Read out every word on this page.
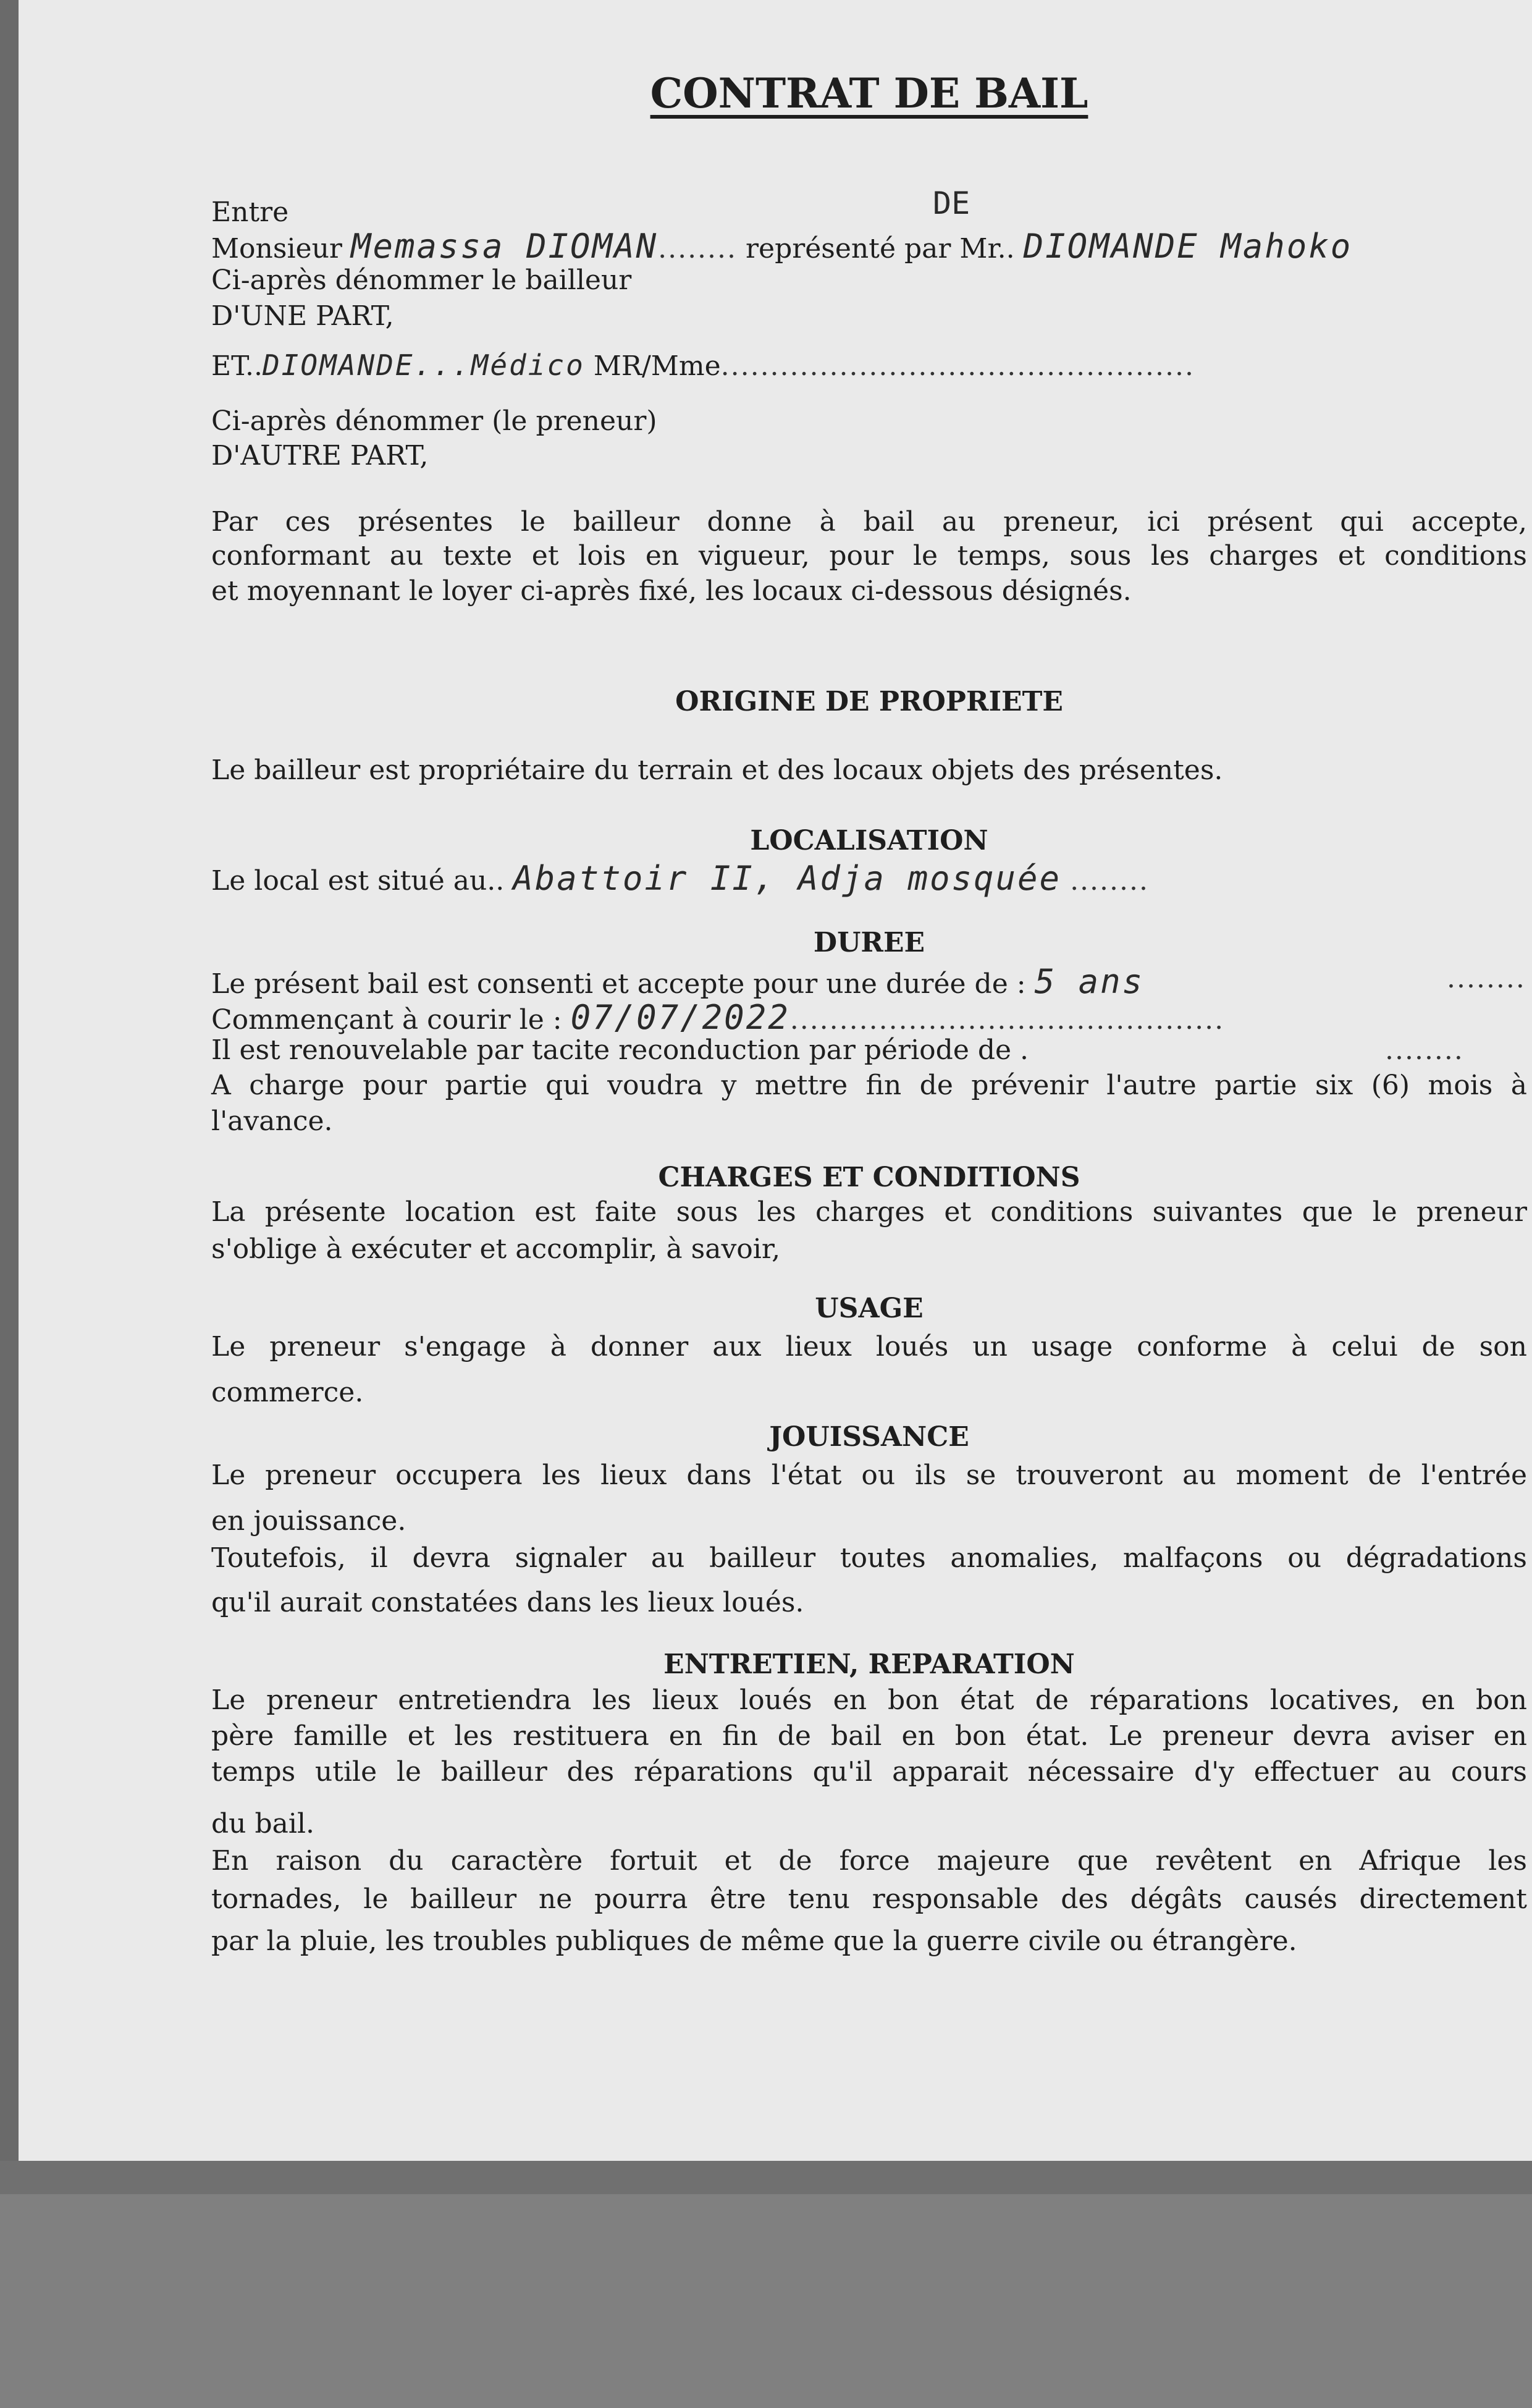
CONTRAT DE BAIL
Entre
Monsieur Memassa DIOMAN........ représenté par Mr.. DIOMANDE Mahoko
DE
Ci-après dénommer le bailleur
D'UNE PART,
ET..DIOMANDE...Médico MR/Mme................................................
Ci-après dénommer (le preneur)
D'AUTRE PART,
Par ces présentes le bailleur donne à bail au preneur, ici présent qui accepte,
conformant au texte et lois en vigueur, pour le temps, sous les charges et conditions
et moyennant le loyer ci-après fixé, les locaux ci-dessous désignés.
ORIGINE DE PROPRIETE
Le bailleur est propriétaire du terrain et des locaux objets des présentes.
LOCALISATION
Le local est situé au.. Abattoir II, Adja mosquée ........
DUREE
Le présent bail est consenti et accepte pour une durée de : 5 ans	........
Commençant à courir le : 07/07/2022............................................
Il est renouvelable par tacite reconduction par période de .	........
A charge pour partie qui voudra y mettre fin de prévenir l'autre partie six (6) mois à
l'avance.
CHARGES ET CONDITIONS
La présente location est faite sous les charges et conditions suivantes que le preneur
s'oblige à exécuter et accomplir, à savoir,
USAGE
Le preneur s'engage à donner aux lieux loués un usage conforme à celui de son
commerce.
JOUISSANCE
Le preneur occupera les lieux dans l'état ou ils se trouveront au moment de l'entrée
en jouissance.
Toutefois, il devra signaler au bailleur toutes anomalies, malfaçons ou dégradations
qu'il aurait constatées dans les lieux loués.
ENTRETIEN, REPARATION
Le preneur entretiendra les lieux loués en bon état de réparations locatives, en bon
père famille et les restituera en fin de bail en bon état. Le preneur devra aviser en
temps utile le bailleur des réparations qu'il apparait nécessaire d'y effectuer au cours
du bail.
En raison du caractère fortuit et de force majeure que revêtent en Afrique les
tornades, le bailleur ne pourra être tenu responsable des dégâts causés directement
par la pluie, les troubles publiques de même que la guerre civile ou étrangère.
